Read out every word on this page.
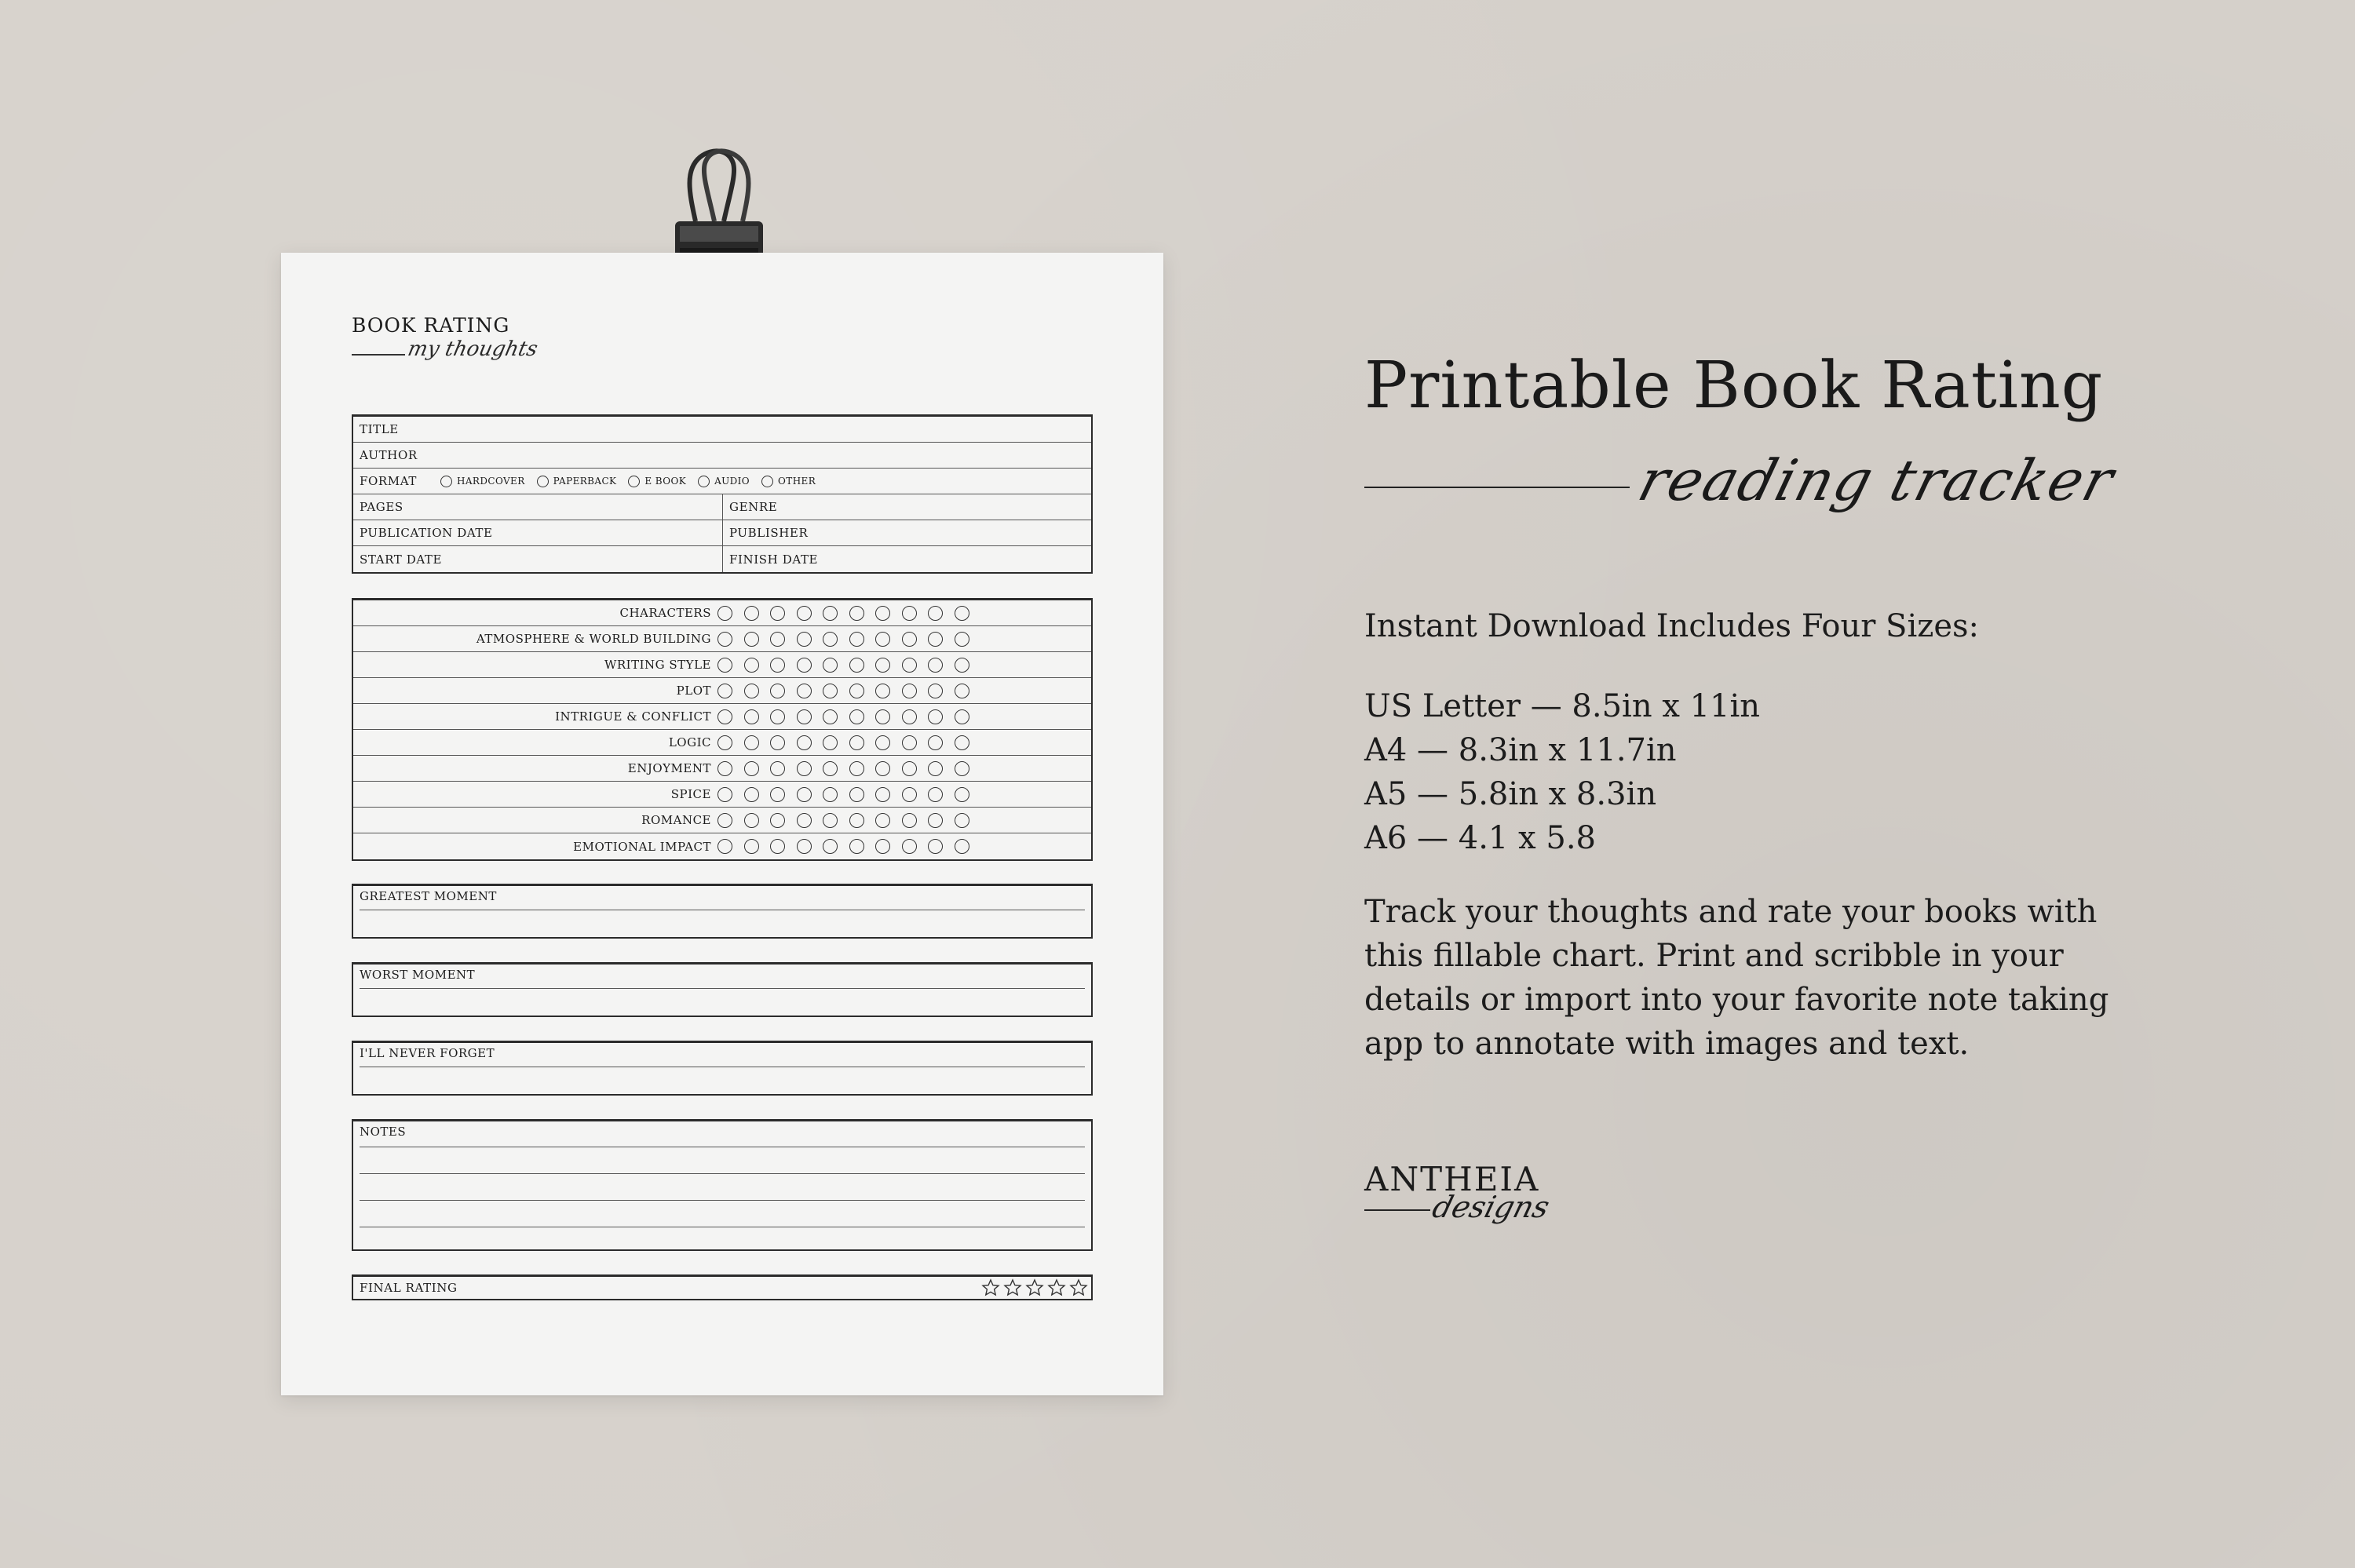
BOOK RATING
my thoughts
TITLE
AUTHOR
FORMAT	HARDCOVER	PAPERBACK	E BOOK	AUDIO	OTHER
PAGES	GENRE
PUBLICATION DATE	PUBLISHER
START DATE	FINISH DATE
CHARACTERS
ATMOSPHERE & WORLD BUILDING
WRITING STYLE
PLOT
INTRIGUE & CONFLICT
LOGIC
ENJOYMENT
SPICE
ROMANCE
EMOTIONAL IMPACT
GREATEST MOMENT
WORST MOMENT
I'LL NEVER FORGET
NOTES
FINAL RATING
Printable Book Rating
reading tracker
Instant Download Includes Four Sizes:
US Letter — 8.5in x 11in
A4 — 8.3in x 11.7in
A5 — 5.8in x 8.3in
A6 — 4.1 x 5.8
Track your thoughts and rate your books with
this fillable chart. Print and scribble in your
details or import into your favorite note taking
app to annotate with images and text.
ANTHEIA
designs
